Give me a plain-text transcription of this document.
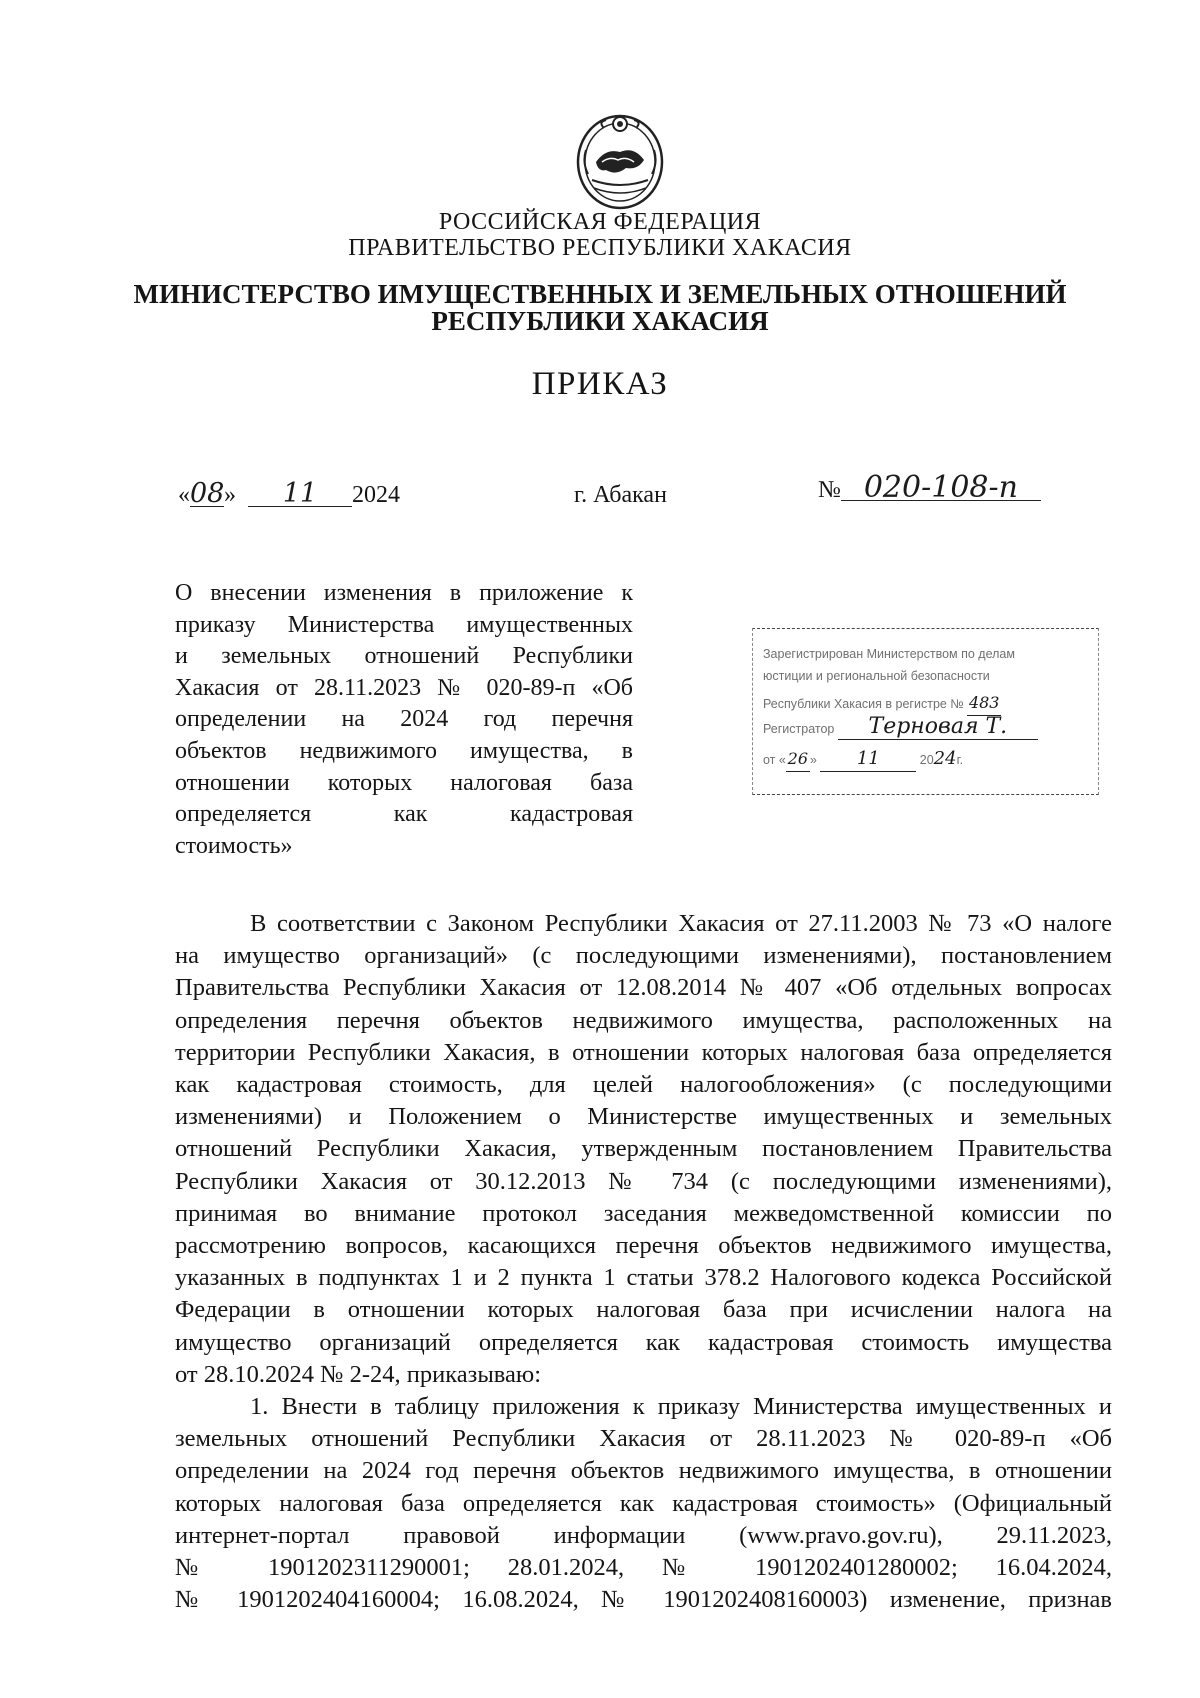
РОССИЙСКАЯ ФЕДЕРАЦИЯ
ПРАВИТЕЛЬСТВО РЕСПУБЛИКИ ХАКАСИЯ
МИНИСТЕРСТВО ИМУЩЕСТВЕННЫХ И ЗЕМЕЛЬНЫХ ОТНОШЕНИЙ
РЕСПУБЛИКИ ХАКАСИЯ
ПРИКАЗ
«08» 11 2024	г. Абакан	№ 020-108-п
О внесении изменения в приложение к
приказу Министерства имущественных
и земельных отношений Республики
Хакасия от 28.11.2023 № 020-89-п «Об
определении на 2024 год перечня
объектов недвижимого имущества, в
отношении которых налоговая база
определяется как кадастровая
стоимость»
Зарегистрирован Министерством по делам
юстиции и региональной безопасности
Республики Хакасия в регистре № 483
Регистратор Терновая Т.
от « 26 » 11	2024г.
В соответствии с Законом Республики Хакасия от 27.11.2003 № 73 «О налоге
на имущество организаций» (с последующими изменениями), постановлением
Правительства Республики Хакасия от 12.08.2014 № 407 «Об отдельных вопросах
определения перечня объектов недвижимого имущества, расположенных на
территории Республики Хакасия, в отношении которых налоговая база определяется
как кадастровая стоимость, для целей налогообложения» (с последующими
изменениями) и Положением о Министерстве имущественных и земельных
отношений Республики Хакасия, утвержденным постановлением Правительства
Республики Хакасия от 30.12.2013 № 734 (с последующими изменениями),
принимая во внимание протокол заседания межведомственной комиссии по
рассмотрению вопросов, касающихся перечня объектов недвижимого имущества,
указанных в подпунктах 1 и 2 пункта 1 статьи 378.2 Налогового кодекса Российской
Федерации в отношении которых налоговая база при исчислении налога на
имущество организаций определяется как кадастровая стоимость имущества
от 28.10.2024 № 2-24, приказываю:
1. Внести в таблицу приложения к приказу Министерства имущественных и
земельных отношений Республики Хакасия от 28.11.2023 № 020-89-п «Об
определении на 2024 год перечня объектов недвижимого имущества, в отношении
которых налоговая база определяется как кадастровая стоимость» (Официальный
интернет-портал правовой информации (www.pravo.gov.ru), 29.11.2023,
№ 1901202311290001; 28.01.2024, № 1901202401280002; 16.04.2024,
№ 1901202404160004; 16.08.2024, № 1901202408160003) изменение, признав
